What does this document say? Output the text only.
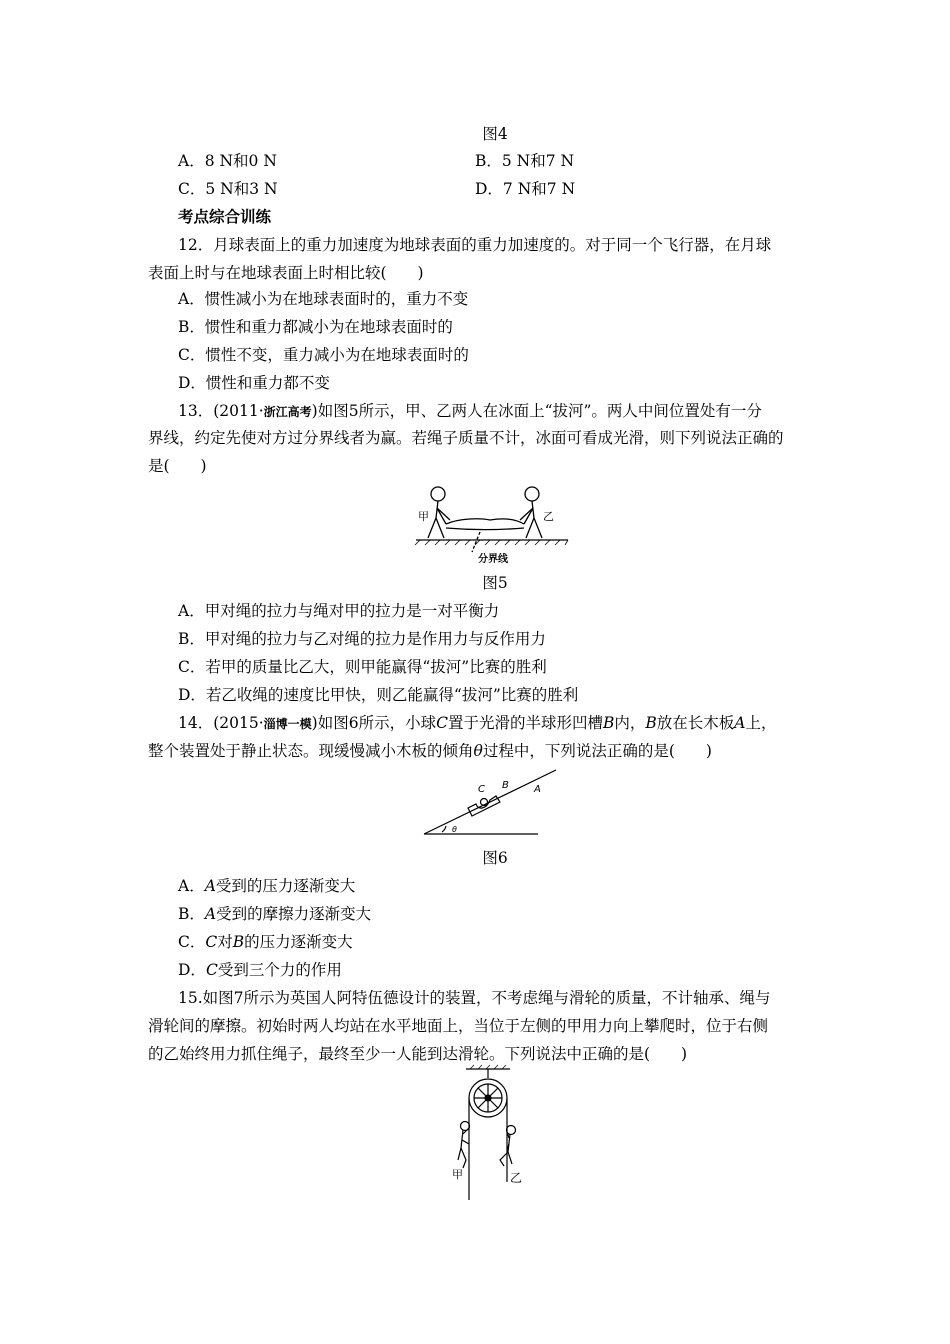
图4
A．8 N和0 N	B．5 N和7 N
C．5 N和3 N	D．7 N和7 N
考点综合训练
12．月球表面上的重力加速度为地球表面的重力加速度的。对于同一个飞行器，在月球
表面上时与在地球表面上时相比较(　　)
A．惯性减小为在地球表面时的，重力不变
B．惯性和重力都减小为在地球表面时的
C．惯性不变，重力减小为在地球表面时的
D．惯性和重力都不变
13．(2011·浙江高考)如图5所示，甲、乙两人在冰面上“拔河”。两人中间位置处有一分
界线，约定先使对方过分界线者为赢。若绳子质量不计，冰面可看成光滑，则下列说法正确的
是(　　)
甲	乙
分界线
图5
A．甲对绳的拉力与绳对甲的拉力是一对平衡力
B．甲对绳的拉力与乙对绳的拉力是作用力与反作用力
C．若甲的质量比乙大，则甲能赢得“拔河”比赛的胜利
D．若乙收绳的速度比甲快，则乙能赢得“拔河”比赛的胜利
14．(2015·淄博一模)如图6所示，小球C置于光滑的半球形凹槽B内，B放在长木板A上，
整个装置处于静止状态。现缓慢减小木板的倾角θ过程中，下列说法正确的是(　　)
θ
C B	A
图6
A．A受到的压力逐渐变大
B．A受到的摩擦力逐渐变大
C．C对B的压力逐渐变大
D．C受到三个力的作用
15.如图7所示为英国人阿特伍德设计的装置，不考虑绳与滑轮的质量，不计轴承、绳与
滑轮间的摩擦。初始时两人均站在水平地面上，当位于左侧的甲用力向上攀爬时，位于右侧
的乙始终用力抓住绳子，最终至少一人能到达滑轮。下列说法中正确的是(　　)
甲	乙
